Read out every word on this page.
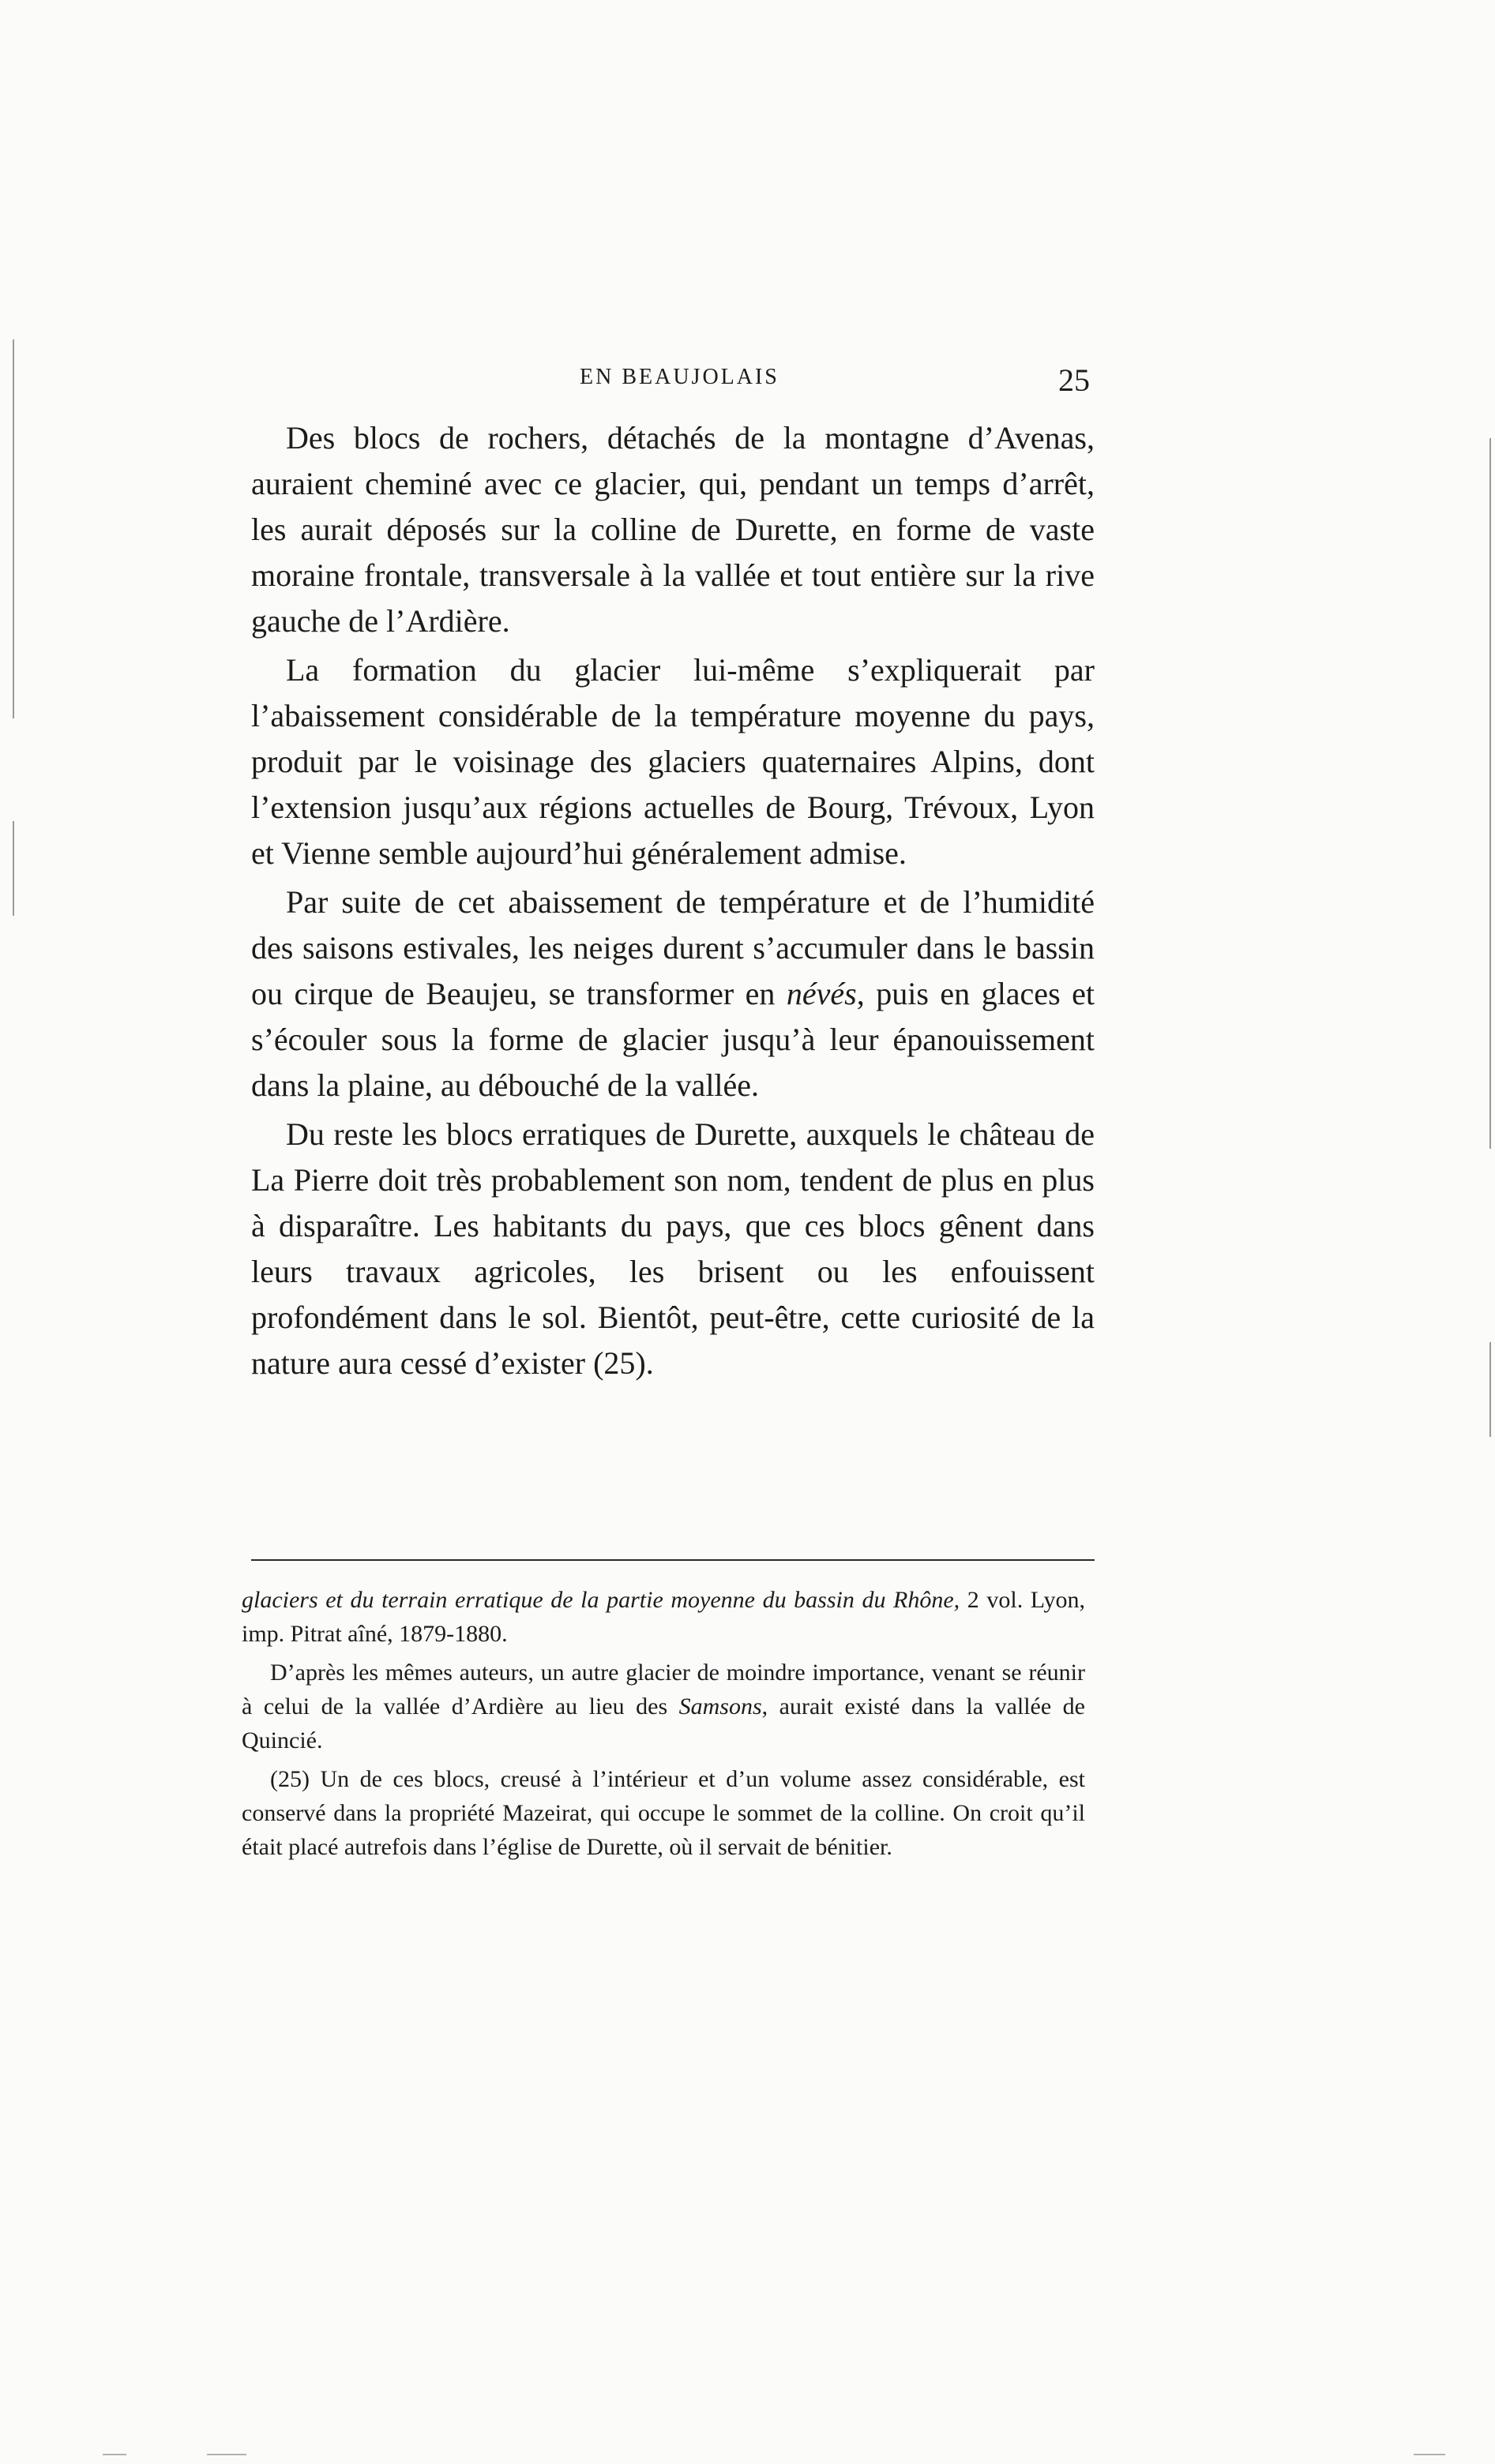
EN BEAUJOLAIS	25

Des blocs de rochers, détachés de la montagne d’Avenas, auraient cheminé avec ce glacier, qui, pendant un temps d’arrêt, les aurait déposés sur la colline de Durette, en forme de vaste moraine frontale, transversale à la vallée et tout entière sur la rive gauche de l’Ardière.

La formation du glacier lui-même s’expliquerait par l’abaissement considérable de la température moyenne du pays, produit par le voisinage des glaciers quaternaires Alpins, dont l’extension jusqu’aux régions actuelles de Bourg, Trévoux, Lyon et Vienne semble aujourd’hui généralement admise.

Par suite de cet abaissement de température et de l’humidité des saisons estivales, les neiges durent s’accumuler dans le bassin ou cirque de Beaujeu, se transformer en névés, puis en glaces et s’écouler sous la forme de glacier jusqu’à leur épanouissement dans la plaine, au débouché de la vallée.

Du reste les blocs erratiques de Durette, auxquels le château de La Pierre doit très probablement son nom, tendent de plus en plus à disparaître. Les habitants du pays, que ces blocs gênent dans leurs travaux agricoles, les brisent ou les enfouissent profondément dans le sol. Bientôt, peut-être, cette curiosité de la nature aura cessé d’exister (25).

glaciers et du terrain erratique de la partie moyenne du bassin du Rhône, 2 vol. Lyon, imp. Pitrat aîné, 1879-1880.

D’après les mêmes auteurs, un autre glacier de moindre importance, venant se réunir à celui de la vallée d’Ardière au lieu des Samsons, aurait existé dans la vallée de Quincié.

(25) Un de ces blocs, creusé à l’intérieur et d’un volume assez considérable, est conservé dans la propriété Mazeirat, qui occupe le sommet de la colline. On croit qu’il était placé autrefois dans l’église de Durette, où il servait de bénitier.
